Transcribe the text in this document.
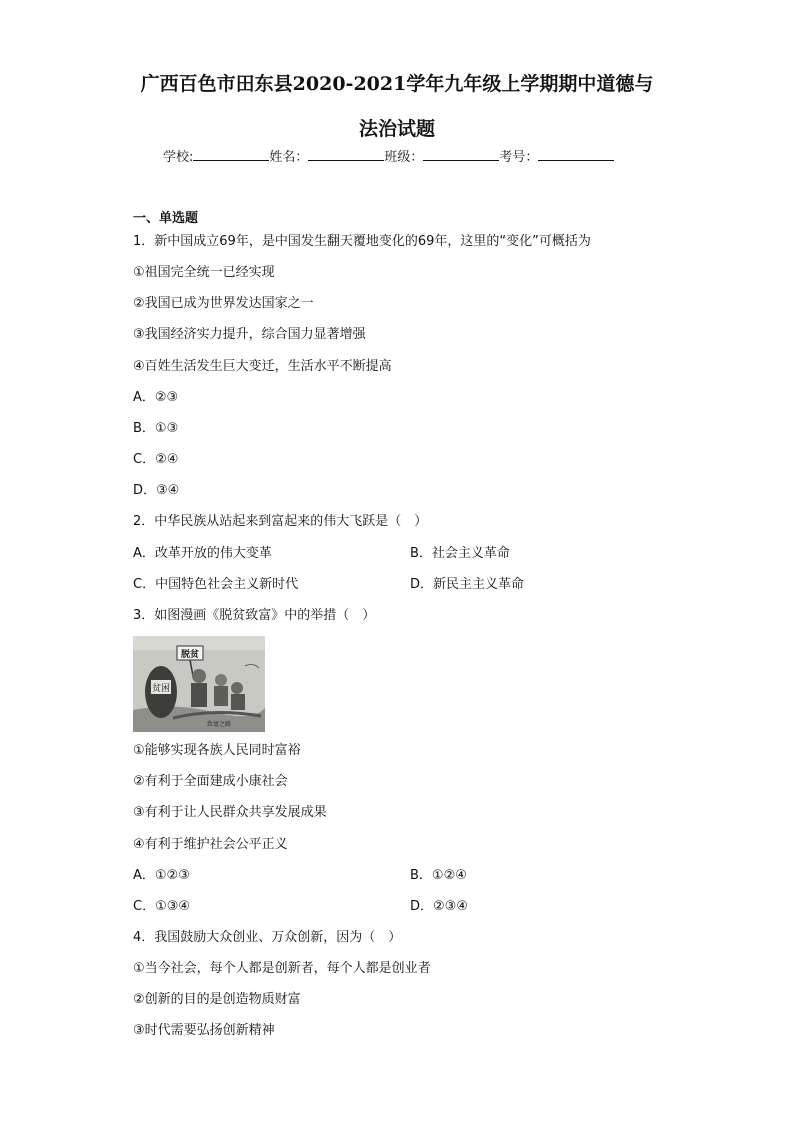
广西百色市田东县2020-2021学年九年级上学期期中道德与
法治试题
学校:	姓名：	班级：	考号：
一、单选题
1．新中国成立69年，是中国发生翻天覆地变化的69年，这里的“变化”可概括为
①祖国完全统一已经实现
②我国已成为世界发达国家之一
③我国经济实力提升，综合国力显著增强
④百姓生活发生巨大变迁，生活水平不断提高
A．②③
B．①③
C．②④
D．③④
2．中华民族从站起来到富起来的伟大飞跃是（　）
A．改革开放的伟大变革	B．社会主义革命
C．中国特色社会主义新时代	D．新民主主义革命
3．如图漫画《脱贫致富》中的举措（　）
贫困
脱贫
致富之路
①能够实现各族人民同时富裕
②有利于全面建成小康社会
③有利于让人民群众共享发展成果
④有利于维护社会公平正义
A．①②③	B．①②④
C．①③④	D．②③④
4．我国鼓励大众创业、万众创新，因为（　）
①当今社会，每个人都是创新者，每个人都是创业者
②创新的目的是创造物质财富
③时代需要弘扬创新精神
